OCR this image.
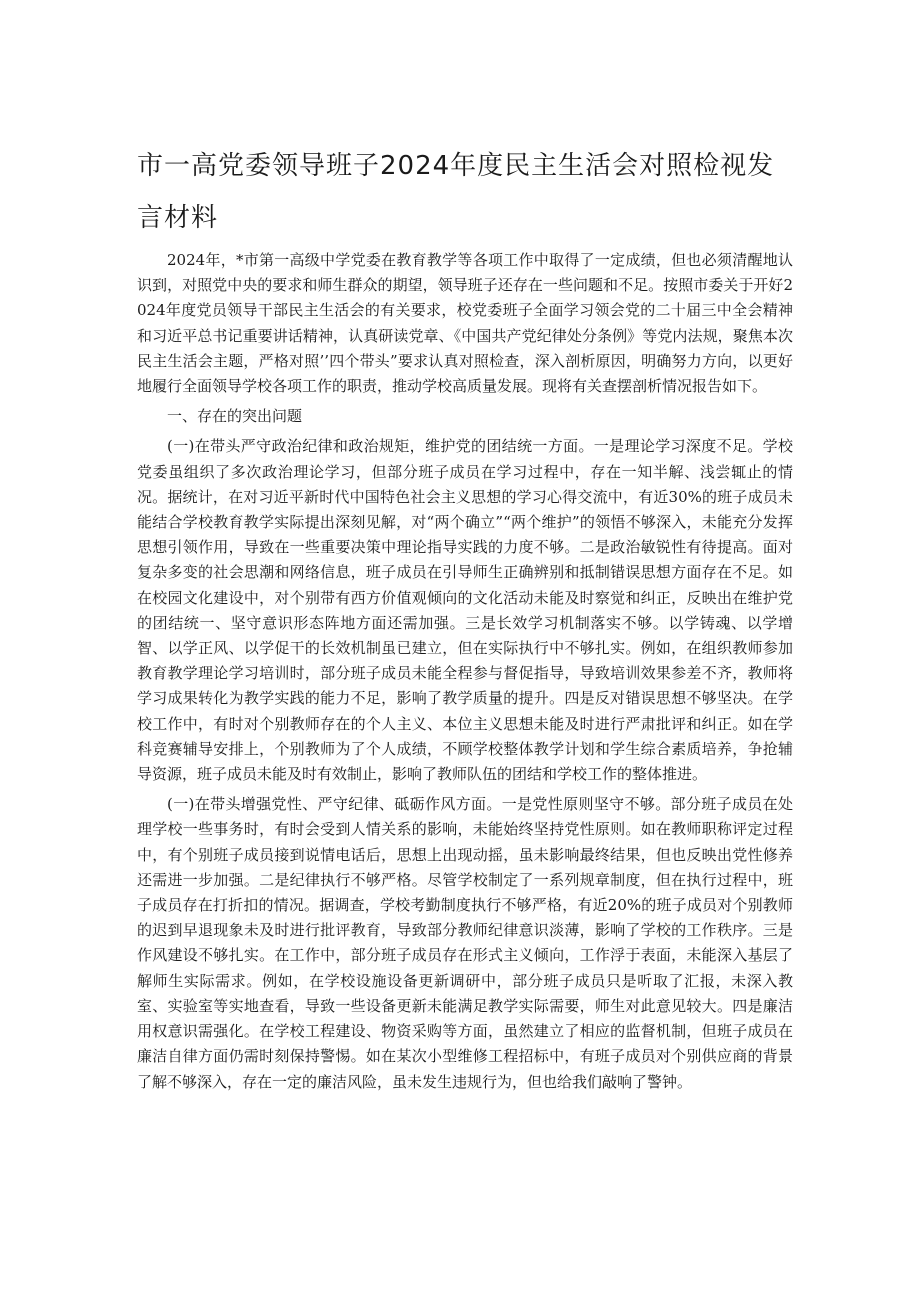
市一高党委领导班子2024年度民主生活会对照检视发言材料

2024年，*市第一高级中学党委在教育教学等各项工作中取得了一定成绩，但也必须清醒地认识到，对照党中央的要求和师生群众的期望，领导班子还存在一些问题和不足。按照市委关于开好2024年度党员领导干部民主生活会的有关要求，校党委班子全面学习领会党的二十届三中全会精神和习近平总书记重要讲话精神，认真研读党章、《中国共产党纪律处分条例》等党内法规，聚焦本次民主生活会主题，严格对照’’四个带头”要求认真对照检查，深入剖析原因，明确努力方向，以更好地履行全面领导学校各项工作的职责，推动学校高质量发展。现将有关查摆剖析情况报告如下。

一、存在的突出问题

(一)在带头严守政治纪律和政治规矩，维护党的团结统一方面。一是理论学习深度不足。学校党委虽组织了多次政治理论学习，但部分班子成员在学习过程中，存在一知半解、浅尝辄止的情况。据统计，在对习近平新时代中国特色社会主义思想的学习心得交流中，有近30%的班子成员未能结合学校教育教学实际提出深刻见解，对“两个确立”“两个维护”的领悟不够深入，未能充分发挥思想引领作用，导致在一些重要决策中理论指导实践的力度不够。二是政治敏锐性有待提高。面对复杂多变的社会思潮和网络信息，班子成员在引导师生正确辨别和抵制错误思想方面存在不足。如在校园文化建设中，对个别带有西方价值观倾向的文化活动未能及时察觉和纠正，反映出在维护党的团结统一、坚守意识形态阵地方面还需加强。三是长效学习机制落实不够。以学铸魂、以学增智、以学正风、以学促干的长效机制虽已建立，但在实际执行中不够扎实。例如，在组织教师参加教育教学理论学习培训时，部分班子成员未能全程参与督促指导，导致培训效果参差不齐，教师将学习成果转化为教学实践的能力不足，影响了教学质量的提升。四是反对错误思想不够坚决。在学校工作中，有时对个别教师存在的个人主义、本位主义思想未能及时进行严肃批评和纠正。如在学科竞赛辅导安排上，个别教师为了个人成绩，不顾学校整体教学计划和学生综合素质培养，争抢辅导资源，班子成员未能及时有效制止，影响了教师队伍的团结和学校工作的整体推进。

(一)在带头增强党性、严守纪律、砥砺作风方面。一是党性原则坚守不够。部分班子成员在处理学校一些事务时，有时会受到人情关系的影响，未能始终坚持党性原则。如在教师职称评定过程中，有个别班子成员接到说情电话后，思想上出现动摇，虽未影响最终结果，但也反映出党性修养还需进一步加强。二是纪律执行不够严格。尽管学校制定了一系列规章制度，但在执行过程中，班子成员存在打折扣的情况。据调查，学校考勤制度执行不够严格，有近20%的班子成员对个别教师的迟到早退现象未及时进行批评教育，导致部分教师纪律意识淡薄，影响了学校的工作秩序。三是作风建设不够扎实。在工作中，部分班子成员存在形式主义倾向，工作浮于表面，未能深入基层了解师生实际需求。例如，在学校设施设备更新调研中，部分班子成员只是听取了汇报，未深入教室、实验室等实地查看，导致一些设备更新未能满足教学实际需要，师生对此意见较大。四是廉洁用权意识需强化。在学校工程建设、物资采购等方面，虽然建立了相应的监督机制，但班子成员在廉洁自律方面仍需时刻保持警惕。如在某次小型维修工程招标中，有班子成员对个别供应商的背景了解不够深入，存在一定的廉洁风险，虽未发生违规行为，但也给我们敲响了警钟。
